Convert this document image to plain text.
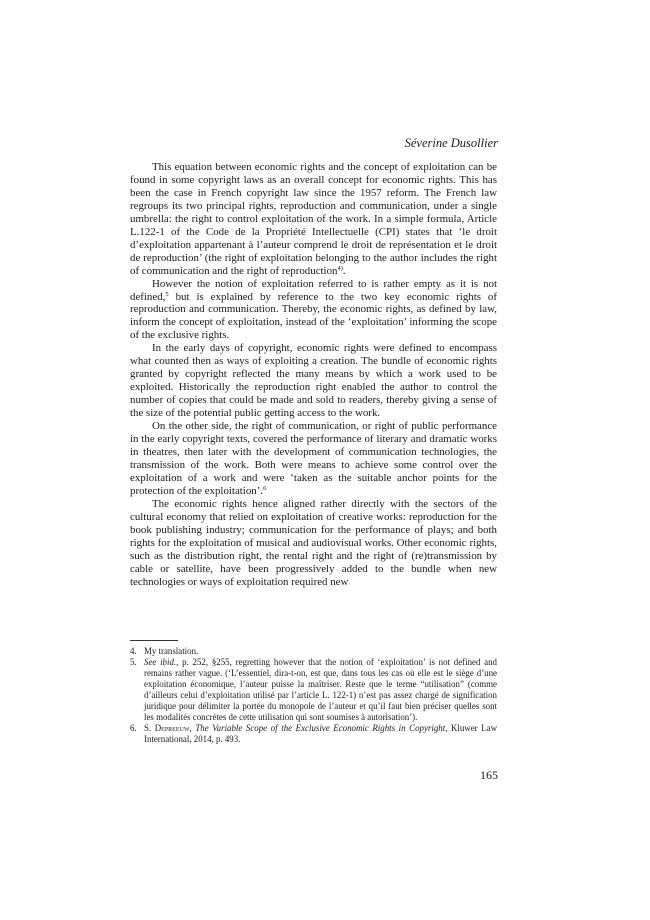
Séverine Dusollier

This equation between economic rights and the concept of exploitation can be found in some copyright laws as an overall concept for economic rights. This has been the case in French copyright law since the 1957 reform. The French law regroups its two principal rights, reproduction and communication, under a single umbrella: the right to control exploitation of the work. In a simple formula, Article L.122-1 of the Code de la Propriété Intellectuelle (CPI) states that ‘le droit d’exploitation appartenant à l’auteur comprend le droit de représentation et le droit de reproduction’ (the right of exploitation belonging to the author includes the right of communication and the right of reproduction$^{4)}$.

However the notion of exploitation referred to is rather empty as it is not defined,$^5$ but is explained by reference to the two key economic rights of reproduction and communication. Thereby, the economic rights, as defined by law, inform the concept of exploitation, instead of the ‘exploitation’ informing the scope of the exclusive rights.

In the early days of copyright, economic rights were defined to encompass what counted then as ways of exploiting a creation. The bundle of economic rights granted by copyright reflected the many means by which a work used to be exploited. Historically the reproduction right enabled the author to control the number of copies that could be made and sold to readers, thereby giving a sense of the size of the potential public getting access to the work.

On the other side, the right of communication, or right of public performance in the early copyright texts, covered the performance of literary and dramatic works in theatres, then later with the development of communication technologies, the transmission of the work. Both were means to achieve some control over the exploitation of a work and were ‘taken as the suitable anchor points for the protection of the exploitation’.$^6$

The economic rights hence aligned rather directly with the sectors of the cultural economy that relied on exploitation of creative works: reproduction for the book publishing industry; communication for the performance of plays; and both rights for the exploitation of musical and audiovisual works. Other economic rights, such as the distribution right, the rental right and the right of (re)transmission by cable or satellite, have been progressively added to the bundle when new technologies or ways of exploitation required new

4. My translation.
5. See ibid., p. 252, §255, regretting however that the notion of ‘exploitation’ is not defined and remains rather vague. (‘L’essentiel, dira-t-on, est que, dans tous les cas où elle est le siège d’une exploitation économique, l’auteur puisse la maîtriser. Reste que le terme “utilisation” (comme d’ailleurs celui d’exploitation utilisé par l’article L. 122-1) n’est pas assez chargé de signification juridique pour délimiter la portée du monopole de l’auteur et qu’il faut bien préciser quelles sont les modalités concrètes de cette utilisation qui sont soumises à autorisation’).
6. S. Depreeuw, The Variable Scope of the Exclusive Economic Rights in Copyright, Kluwer Law International, 2014, p. 493.
165
